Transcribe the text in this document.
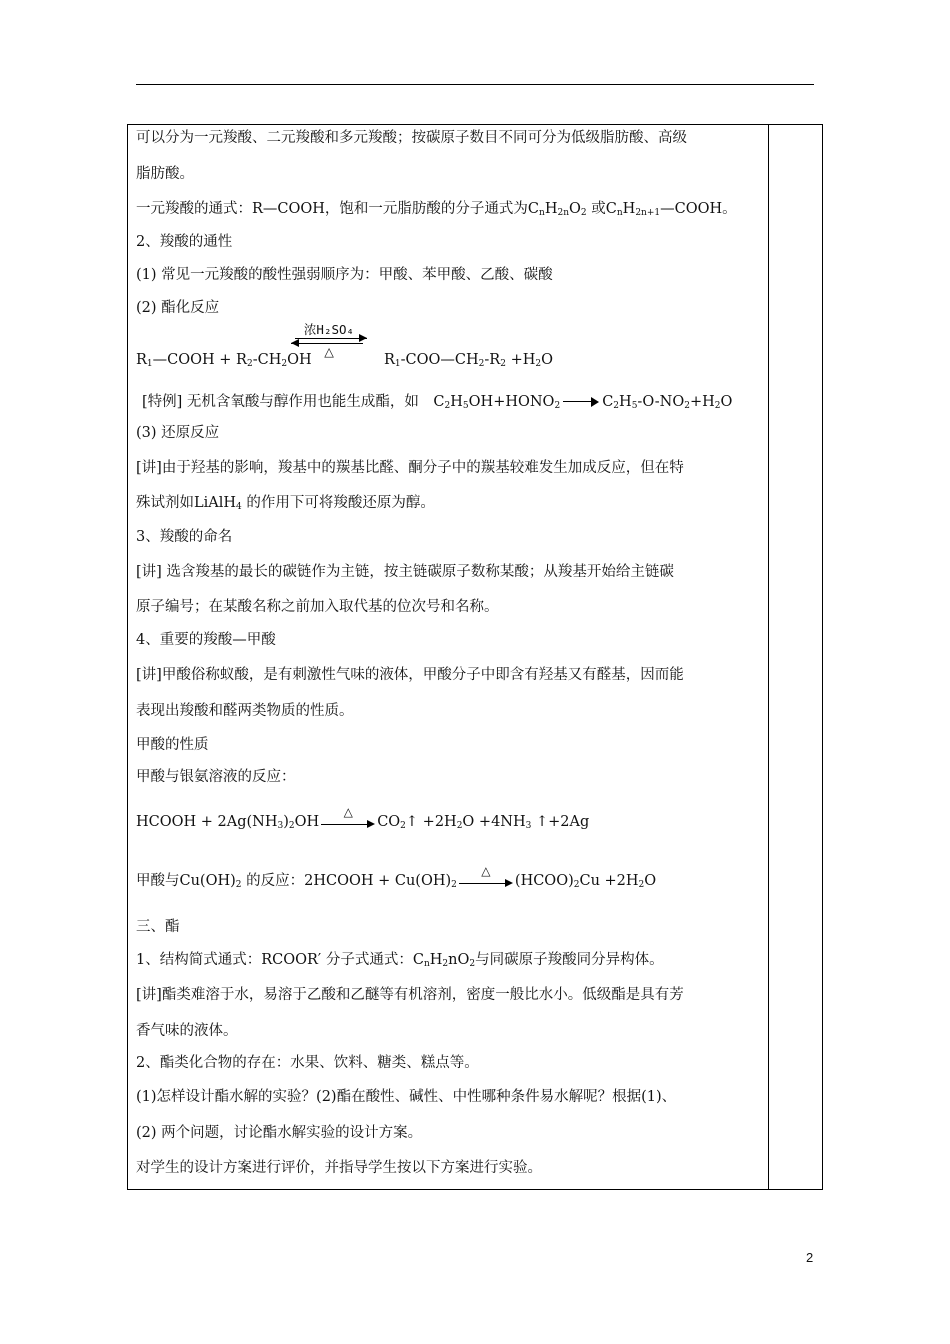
可以分为一元羧酸、二元羧酸和多元羧酸；按碳原子数目不同可分为低级脂肪酸、高级
脂肪酸。
一元羧酸的通式：R—COOH，饱和一元脂肪酸的分子通式为$C_nH_{2n}O_2$ 或$C_nH_{2n+1}—COOH$。
2、羧酸的通性
(1) 常见一元羧酸的酸性强弱顺序为：甲酸、苯甲酸、乙酸、碳酸
(2) 酯化反应
浓H₂SO₄
△
$R_1—COOH + R_2-CH_2OH$	$R_1-COO—CH_2-R_2 +H_2O$
[特例] 无机含氧酸与醇作用也能生成酯，如　$C_2H_5OH+HONO_2$	$C_2H_5-O-NO_2+H_2O$
(3) 还原反应
[讲]由于羟基的影响，羧基中的羰基比醛、酮分子中的羰基较难发生加成反应，但在特
殊试剂如LiAlH$_4$ 的作用下可将羧酸还原为醇。
3、羧酸的命名
[讲] 选含羧基的最长的碳链作为主链，按主链碳原子数称某酸；从羧基开始给主链碳
原子编号；在某酸名称之前加入取代基的位次号和名称。
4、重要的羧酸—甲酸
[讲]甲酸俗称蚁酸，是有刺激性气味的液体，甲酸分子中即含有羟基又有醛基，因而能
表现出羧酸和醛两类物质的性质。
甲酸的性质
甲酸与银氨溶液的反应：
HCOOH + $2Ag(NH_3)_2OH$
△
$CO_2↑ +2H_2O +4NH_3$ ↑+2Ag
甲酸与$Cu(OH)_2$ 的反应：2HCOOH + $Cu(OH)_2$
△
$(HCOO)_2Cu +2H_2O$
三、酯
1、结构简式通式：RCOOR′ 分子式通式：$C_nH_2nO_2$与同碳原子羧酸同分异构体。
[讲]酯类难溶于水，易溶于乙酸和乙醚等有机溶剂，密度一般比水小。低级酯是具有芳
香气味的液体。
2、酯类化合物的存在：水果、饮料、糖类、糕点等。
(1)怎样设计酯水解的实验？(2)酯在酸性、碱性、中性哪种条件易水解呢？根据(1)、
(2) 两个问题，讨论酯水解实验的设计方案。
对学生的设计方案进行评价，并指导学生按以下方案进行实验。
2
